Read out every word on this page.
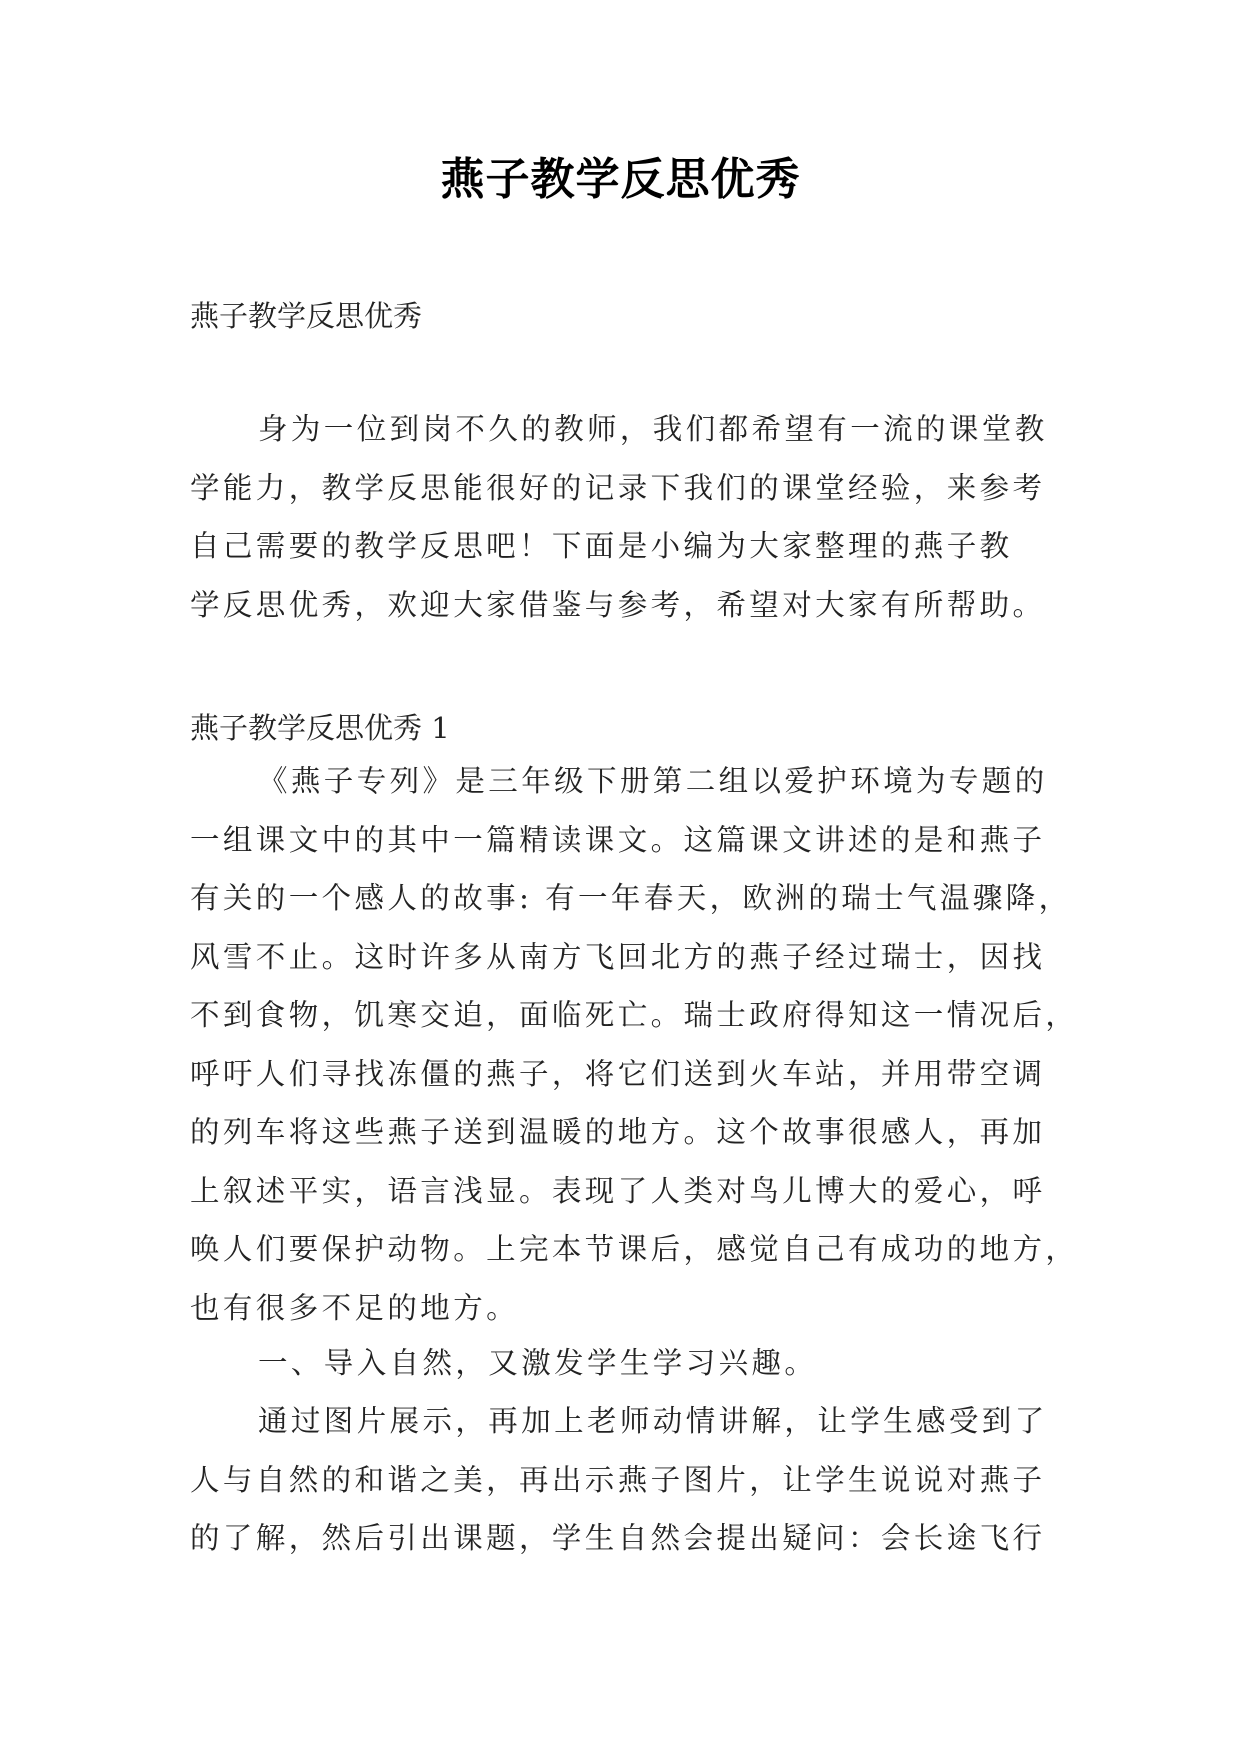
燕子教学反思优秀
燕子教学反思优秀
身为一位到岗不久的教师，我们都希望有一流的课堂教
学能力，教学反思能很好的记录下我们的课堂经验，来参考
自己需要的教学反思吧！下面是小编为大家整理的燕子教
学反思优秀，欢迎大家借鉴与参考，希望对大家有所帮助。
燕子教学反思优秀 1
《燕子专列》是三年级下册第二组以爱护环境为专题的
一组课文中的其中一篇精读课文。这篇课文讲述的是和燕子
有关的一个感人的故事: 有一年春天，欧洲的瑞士气温骤降，
风雪不止。这时许多从南方飞回北方的燕子经过瑞士，因找
不到食物，饥寒交迫，面临死亡。瑞士政府得知这一情况后，
呼吁人们寻找冻僵的燕子，将它们送到火车站，并用带空调
的列车将这些燕子送到温暖的地方。这个故事很感人，再加
上叙述平实，语言浅显。表现了人类对鸟儿博大的爱心，呼
唤人们要保护动物。上完本节课后，感觉自己有成功的地方，
也有很多不足的地方。
一、导入自然，又激发学生学习兴趣。
通过图片展示，再加上老师动情讲解，让学生感受到了
人与自然的和谐之美，再出示燕子图片，让学生说说对燕子
的了解，然后引出课题，学生自然会提出疑问：会长途飞行
